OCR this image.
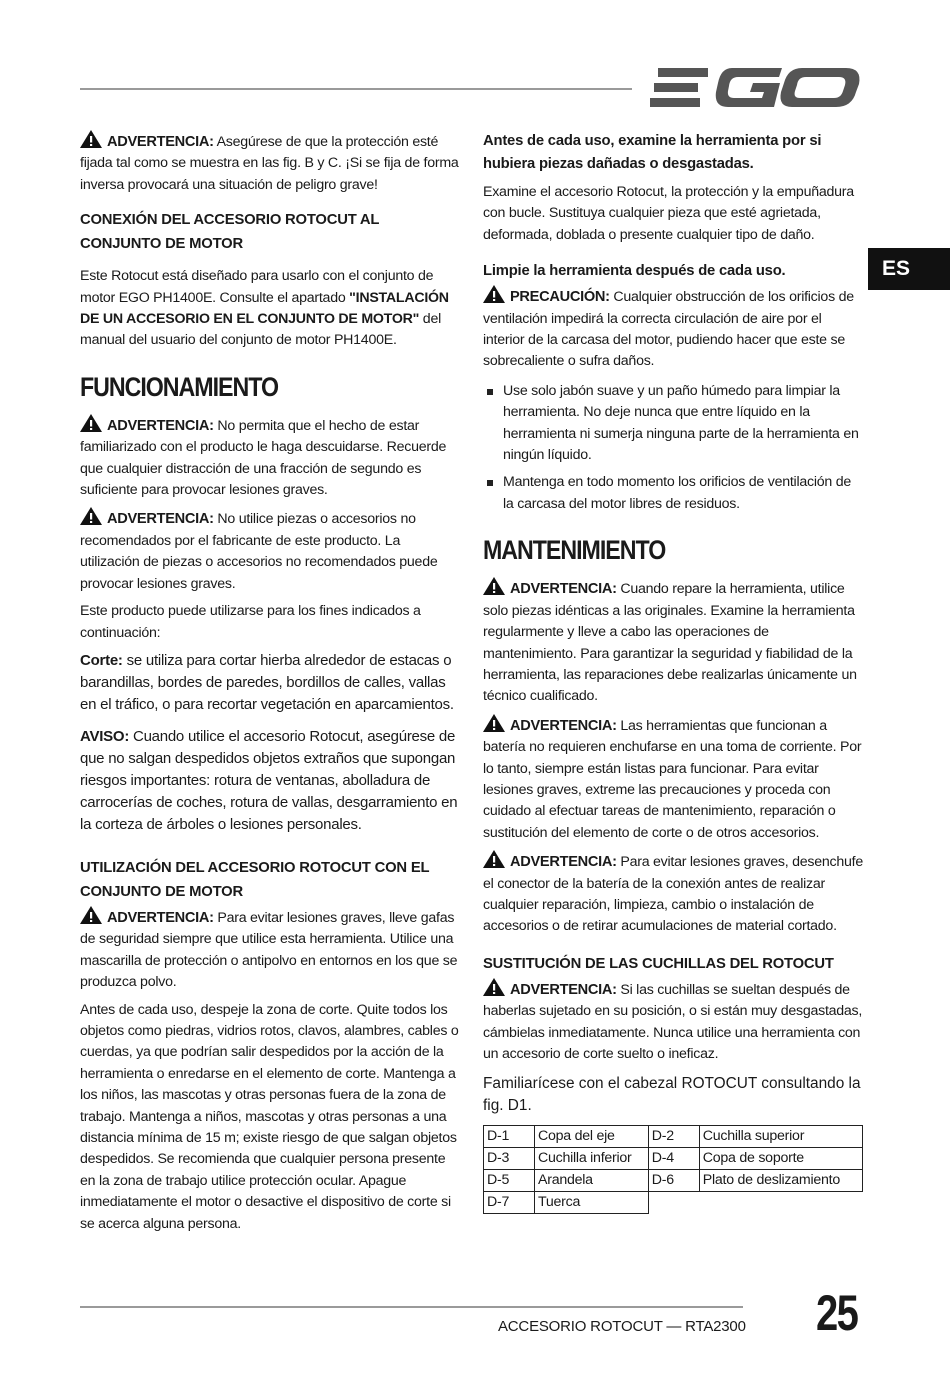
ES

ADVERTENCIA: Asegúrese de que la protección esté fijada tal como se muestra en las fig. B y C. ¡Si se fija de forma inversa provocará una situación de peligro grave!

CONEXIÓN DEL ACCESORIO ROTOCUT AL CONJUNTO DE MOTOR

Este Rotocut está diseñado para usarlo con el conjunto de motor EGO PH1400E. Consulte el apartado "INSTALACIÓN DE UN ACCESORIO EN EL CONJUNTO DE MOTOR" del manual del usuario del conjunto de motor PH1400E.

FUNCIONAMIENTO

ADVERTENCIA: No permita que el hecho de estar familiarizado con el producto le haga descuidarse. Recuerde que cualquier distracción de una fracción de segundo es suficiente para provocar lesiones graves.

ADVERTENCIA: No utilice piezas o accesorios no recomendados por el fabricante de este producto. La utilización de piezas o accesorios no recomendados puede provocar lesiones graves.

Este producto puede utilizarse para los fines indicados a continuación:

Corte: se utiliza para cortar hierba alrededor de estacas o barandillas, bordes de paredes, bordillos de calles, vallas en el tráfico, o para recortar vegetación en aparcamientos.

AVISO: Cuando utilice el accesorio Rotocut, asegúrese de que no salgan despedidos objetos extraños que supongan riesgos importantes: rotura de ventanas, abolladura de carrocerías de coches, rotura de vallas, desgarramiento en la corteza de árboles o lesiones personales.

UTILIZACIÓN DEL ACCESORIO ROTOCUT CON EL CONJUNTO DE MOTOR

ADVERTENCIA: Para evitar lesiones graves, lleve gafas de seguridad siempre que utilice esta herramienta. Utilice una mascarilla de protección o antipolvo en entornos en los que se produzca polvo.

Antes de cada uso, despeje la zona de corte. Quite todos los objetos como piedras, vidrios rotos, clavos, alambres, cables o cuerdas, ya que podrían salir despedidos por la acción de la herramienta o enredarse en el elemento de corte. Mantenga a los niños, las mascotas y otras personas fuera de la zona de trabajo. Mantenga a niños, mascotas y otras personas a una distancia mínima de 15 m; existe riesgo de que salgan objetos despedidos. Se recomienda que cualquier persona presente en la zona de trabajo utilice protección ocular. Apague inmediatamente el motor o desactive el dispositivo de corte si se acerca alguna persona.

Antes de cada uso, examine la herramienta por si hubiera piezas dañadas o desgastadas.

Examine el accesorio Rotocut, la protección y la empuñadura con bucle. Sustituya cualquier pieza que esté agrietada, deformada, doblada o presente cualquier tipo de daño.

Limpie la herramienta después de cada uso.

PRECAUCIÓN: Cualquier obstrucción de los orificios de ventilación impedirá la correcta circulación de aire por el interior de la carcasa del motor, pudiendo hacer que este se sobrecaliente o sufra daños.

Use solo jabón suave y un paño húmedo para limpiar la herramienta. No deje nunca que entre líquido en la herramienta ni sumerja ninguna parte de la herramienta en ningún líquido.
Mantenga en todo momento los orificios de ventilación de la carcasa del motor libres de residuos.
MANTENIMIENTO

ADVERTENCIA: Cuando repare la herramienta, utilice solo piezas idénticas a las originales. Examine la herramienta regularmente y lleve a cabo las operaciones de mantenimiento. Para garantizar la seguridad y fiabilidad de la herramienta, las reparaciones debe realizarlas únicamente un técnico cualificado.

ADVERTENCIA: Las herramientas que funcionan a batería no requieren enchufarse en una toma de corriente. Por lo tanto, siempre están listas para funcionar. Para evitar lesiones graves, extreme las precauciones y proceda con cuidado al efectuar tareas de mantenimiento, reparación o sustitución del elemento de corte o de otros accesorios.

ADVERTENCIA: Para evitar lesiones graves, desenchufe el conector de la batería de la conexión antes de realizar cualquier reparación, limpieza, cambio o instalación de accesorios o de retirar acumulaciones de material cortado.

SUSTITUCIÓN DE LAS CUCHILLAS DEL ROTOCUT

ADVERTENCIA: Si las cuchillas se sueltan después de haberlas sujetado en su posición, o si están muy desgastadas, cámbielas inmediatamente. Nunca utilice una herramienta con un accesorio de corte suelto o ineficaz.

Familiarícese con el cabezal ROTOCUT consultando la fig. D1.

D-1	Copa del eje	D-2	Cuchilla superior
D-3	Cuchilla inferior	D-4	Copa de soporte
D-5	Arandela	D-6	Plato de deslizamiento
D-7	Tuerca		
ACCESORIO ROTOCUT — RTA2300 25
